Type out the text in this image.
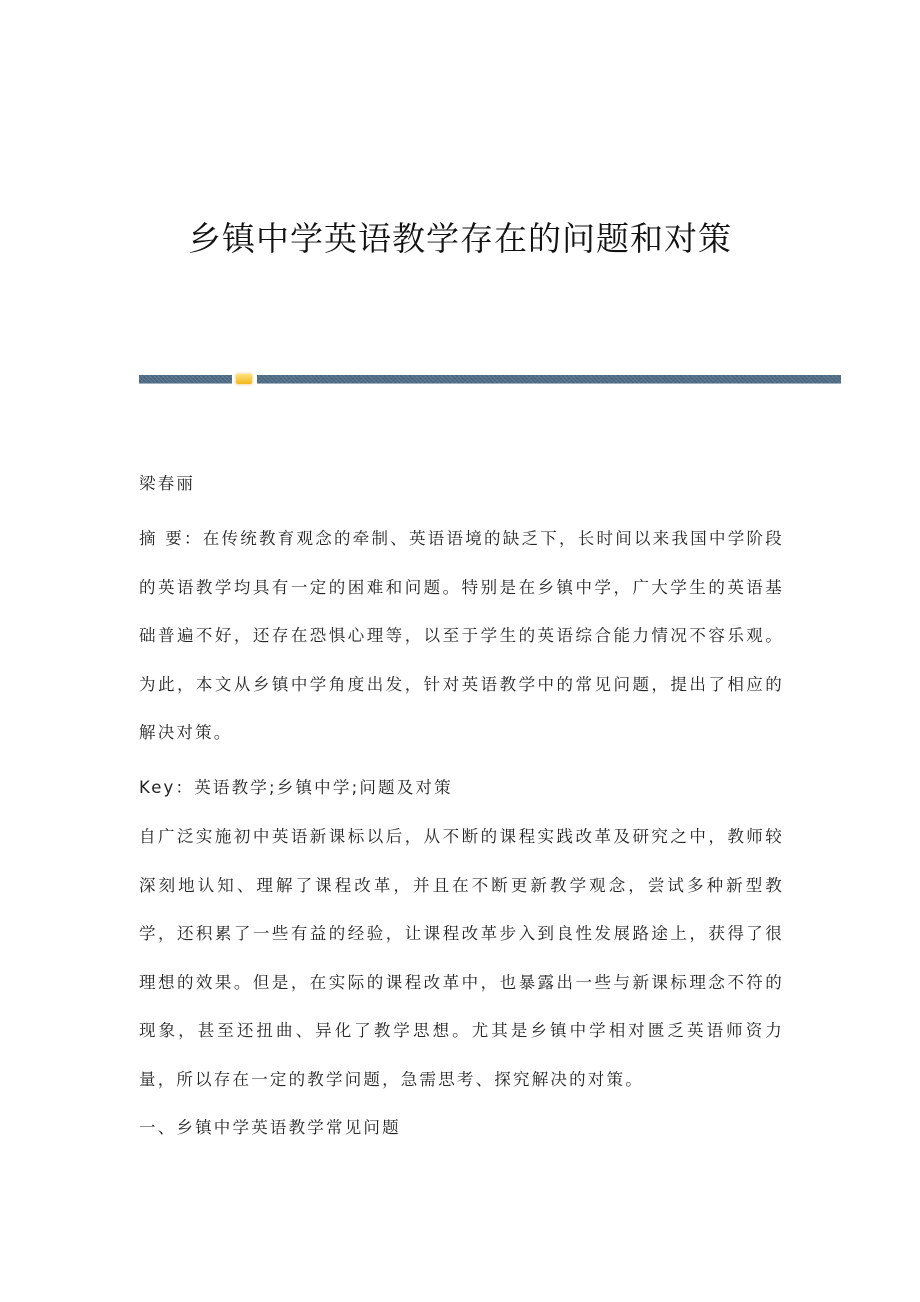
乡镇中学英语教学存在的问题和对策

梁春丽

摘 要：在传统教育观念的牵制、英语语境的缺乏下，长时间以来我国中学阶段的英语教学均具有一定的困难和问题。特别是在乡镇中学，广大学生的英语基础普遍不好，还存在恐惧心理等，以至于学生的英语综合能力情况不容乐观。为此，本文从乡镇中学角度出发，针对英语教学中的常见问题，提出了相应的解决对策。

Key：英语教学;乡镇中学;问题及对策

自广泛实施初中英语新课标以后，从不断的课程实践改革及研究之中，教师较深刻地认知、理解了课程改革，并且在不断更新教学观念，尝试多种新型教学，还积累了一些有益的经验，让课程改革步入到良性发展路途上，获得了很理想的效果。但是，在实际的课程改革中，也暴露出一些与新课标理念不符的现象，甚至还扭曲、异化了教学思想。尤其是乡镇中学相对匮乏英语师资力量，所以存在一定的教学问题，急需思考、探究解决的对策。

一、乡镇中学英语教学常见问题
